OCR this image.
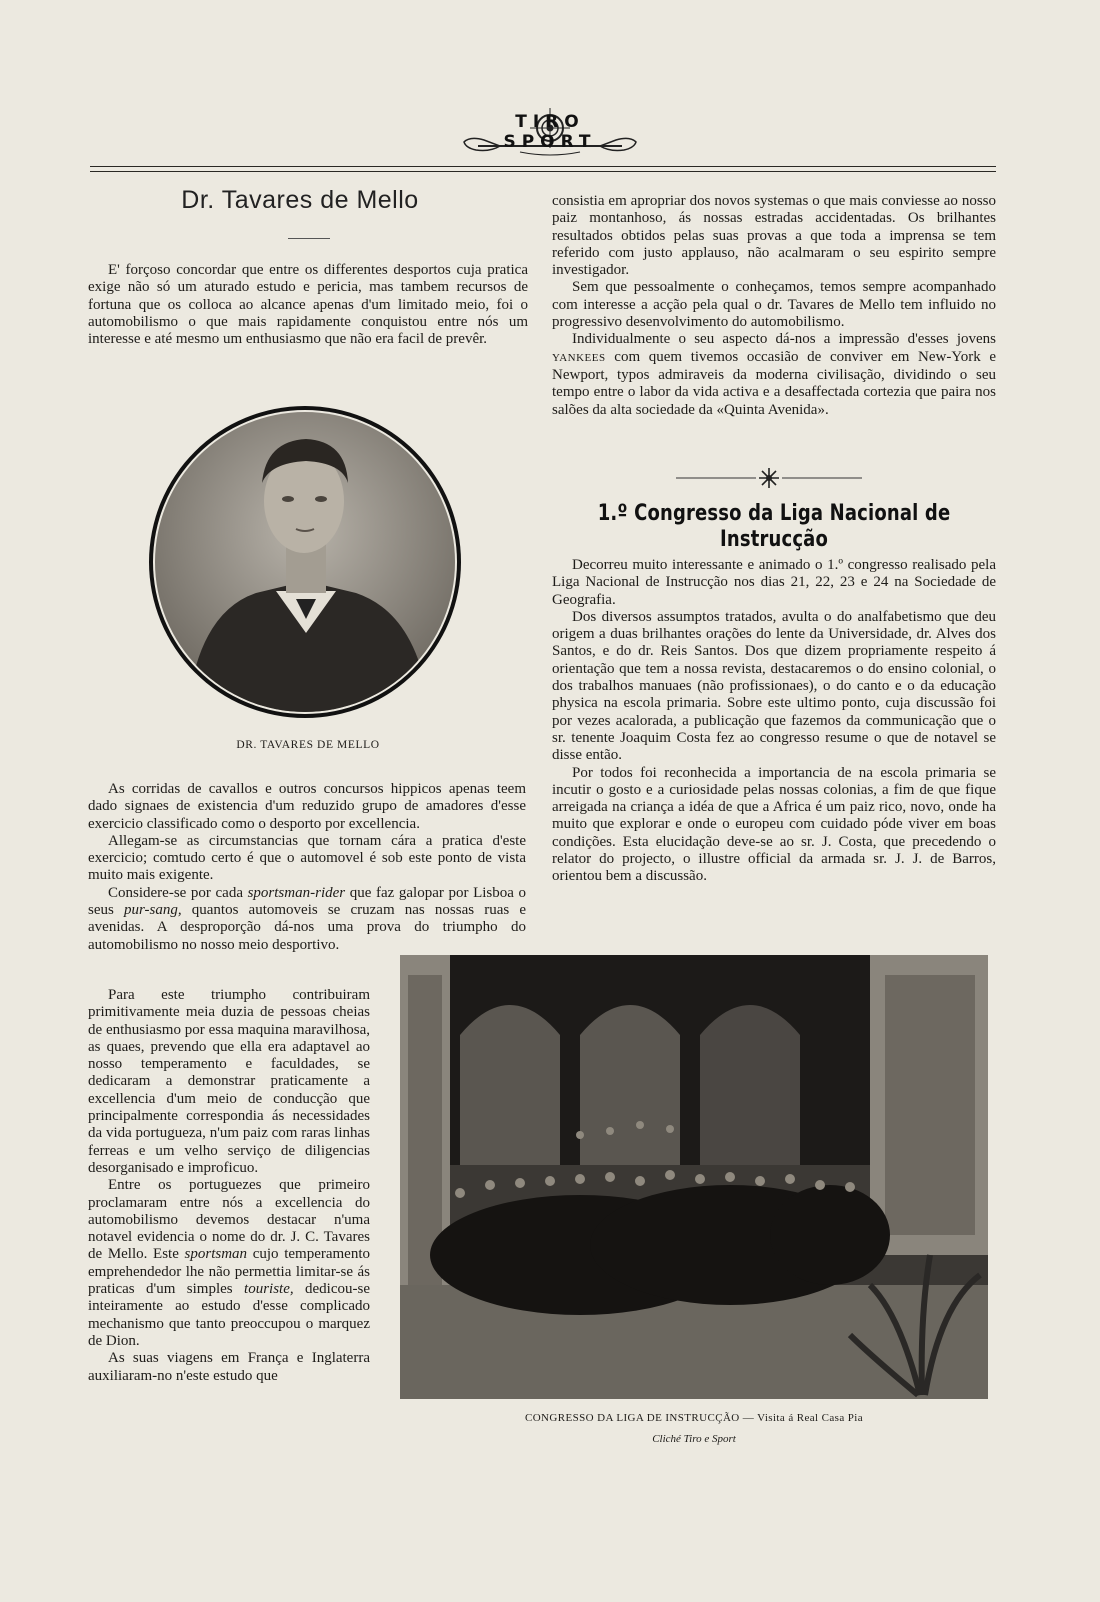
TIRO SPORT
Dr. Tavares de Mello

E' forçoso concordar que entre os differentes desportos cuja pratica exige não só um aturado estudo e pericia, mas tambem recursos de fortuna que os colloca ao alcance apenas d'um limitado meio, foi o automobilismo o que mais rapidamente conquistou entre nós um interesse e até mesmo um enthusiasmo que não era facil de prevêr.

DR. TAVARES DE MELLO

As corridas de cavallos e outros concursos hippicos apenas teem dado signaes de existencia d'um reduzido grupo de amadores d'esse exercicio classificado como o desporto por excellencia.

Allegam-se as circumstancias que tornam cára a pratica d'este exercicio; comtudo certo é que o automovel é sob este ponto de vista muito mais exigente.

Considere-se por cada sportsman-rider que faz galopar por Lisboa o seus pur-sang, quantos automoveis se cruzam nas nossas ruas e avenidas. A desproporção dá-nos uma prova do triumpho do automobilismo no nosso meio desportivo.

Para este triumpho contribuiram primitivamente meia duzia de pessoas cheias de enthusiasmo por essa maquina maravilhosa, as quaes, prevendo que ella era adaptavel ao nosso temperamento e faculdades, se dedicaram a demonstrar praticamente a excellencia d'um meio de conducção que principalmente correspondia ás necessidades da vida portugueza, n'um paiz com raras linhas ferreas e um velho serviço de diligencias desorganisado e improficuo.

Entre os portuguezes que primeiro proclamaram entre nós a excellencia do automobilismo devemos destacar n'uma notavel evidencia o nome do dr. J. C. Tavares de Mello. Este sportsman cujo temperamento emprehendedor lhe não permettia limitar-se ás praticas d'um simples touriste, dedicou-se inteiramente ao estudo d'esse complicado mechanismo que tanto preoccupou o marquez de Dion.

As suas viagens em França e Inglaterra auxiliaram-no n'este estudo que

consistia em apropriar dos novos systemas o que mais conviesse ao nosso paiz montanhoso, ás nossas estradas accidentadas. Os brilhantes resultados obtidos pelas suas provas a que toda a imprensa se tem referido com justo applauso, não acalmaram o seu espirito sempre investigador.

Sem que pessoalmente o conheçamos, temos sempre acompanhado com interesse a acção pela qual o dr. Tavares de Mello tem influido no progressivo desenvolvimento do automobilismo.

Individualmente o seu aspecto dá-nos a impressão d'esses jovens YANKEES com quem tivemos occasião de conviver em New-York e Newport, typos admiraveis da moderna civilisação, dividindo o seu tempo entre o labor da vida activa e a desaffectada cortezia que paira nos salões da alta sociedade da «Quinta Avenida».

1.º Congresso da Liga Nacional de Instrucção

Decorreu muito interessante e animado o 1.º congresso realisado pela Liga Nacional de Instrucção nos dias 21, 22, 23 e 24 na Sociedade de Geografia.

Dos diversos assumptos tratados, avulta o do analfabetismo que deu origem a duas brilhantes orações do lente da Universidade, dr. Alves dos Santos, e do dr. Reis Santos. Dos que dizem propriamente respeito á orientação que tem a nossa revista, destacaremos o do ensino colonial, o dos trabalhos manuaes (não profissionaes), o do canto e o da educação physica na escola primaria. Sobre este ultimo ponto, cuja discussão foi por vezes acalorada, a publicação que fazemos da communicação que o sr. tenente Joaquim Costa fez ao congresso resume o que de notavel se disse então.

Por todos foi reconhecida a importancia de na escola primaria se incutir o gosto e a curiosidade pelas nossas colonias, a fim de que fique arreigada na criança a idéa de que a Africa é um paiz rico, novo, onde ha muito que explorar e onde o europeu com cuidado póde viver em boas condições. Esta elucidação deve-se ao sr. J. Costa, que precedendo o relator do projecto, o illustre official da armada sr. J. J. de Barros, orientou bem a discussão.

CONGRESSO DA LIGA DE INSTRUCÇÃO — Visita á Real Casa Pia
Cliché Tiro e Sport
